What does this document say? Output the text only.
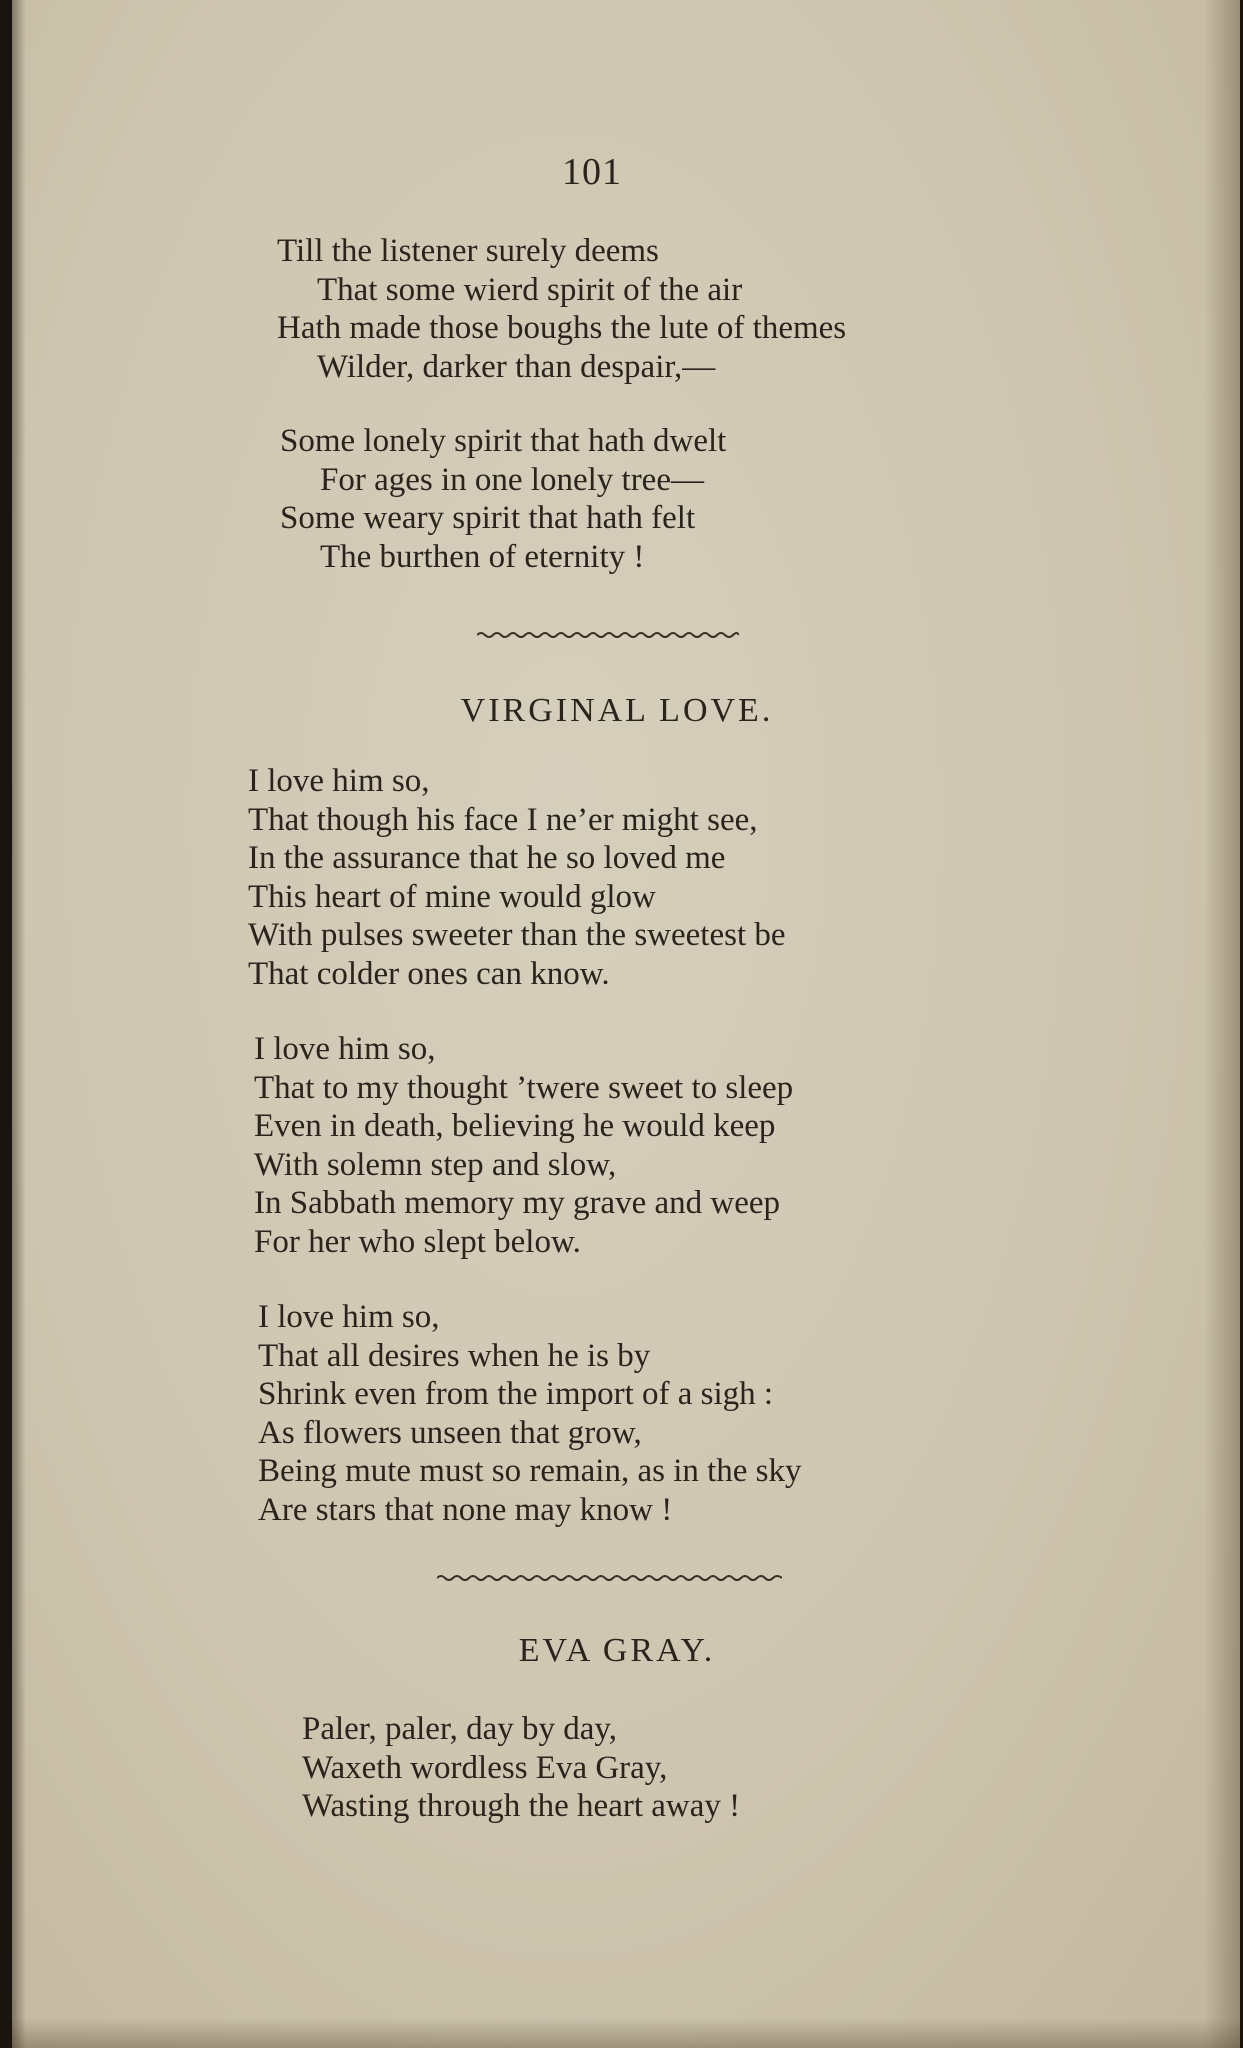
101
Till the listener surely deems
That some wierd spirit of the air
Hath made those boughs the lute of themes
Wilder, darker than despair,—
Some lonely spirit that hath dwelt
For ages in one lonely tree—
Some weary spirit that hath felt
The burthen of eternity !
VIRGINAL LOVE.
I love him so,
That though his face I ne’er might see,
In the assurance that he so loved me
This heart of mine would glow
With pulses sweeter than the sweetest be
That colder ones can know.
I love him so,
That to my thought ’twere sweet to sleep
Even in death, believing he would keep
With solemn step and slow,
In Sabbath memory my grave and weep
For her who slept below.
I love him so,
That all desires when he is by
Shrink even from the import of a sigh :
As flowers unseen that grow,
Being mute must so remain, as in the sky
Are stars that none may know !
EVA GRAY.
Paler, paler, day by day,
Waxeth wordless Eva Gray,
Wasting through the heart away !
